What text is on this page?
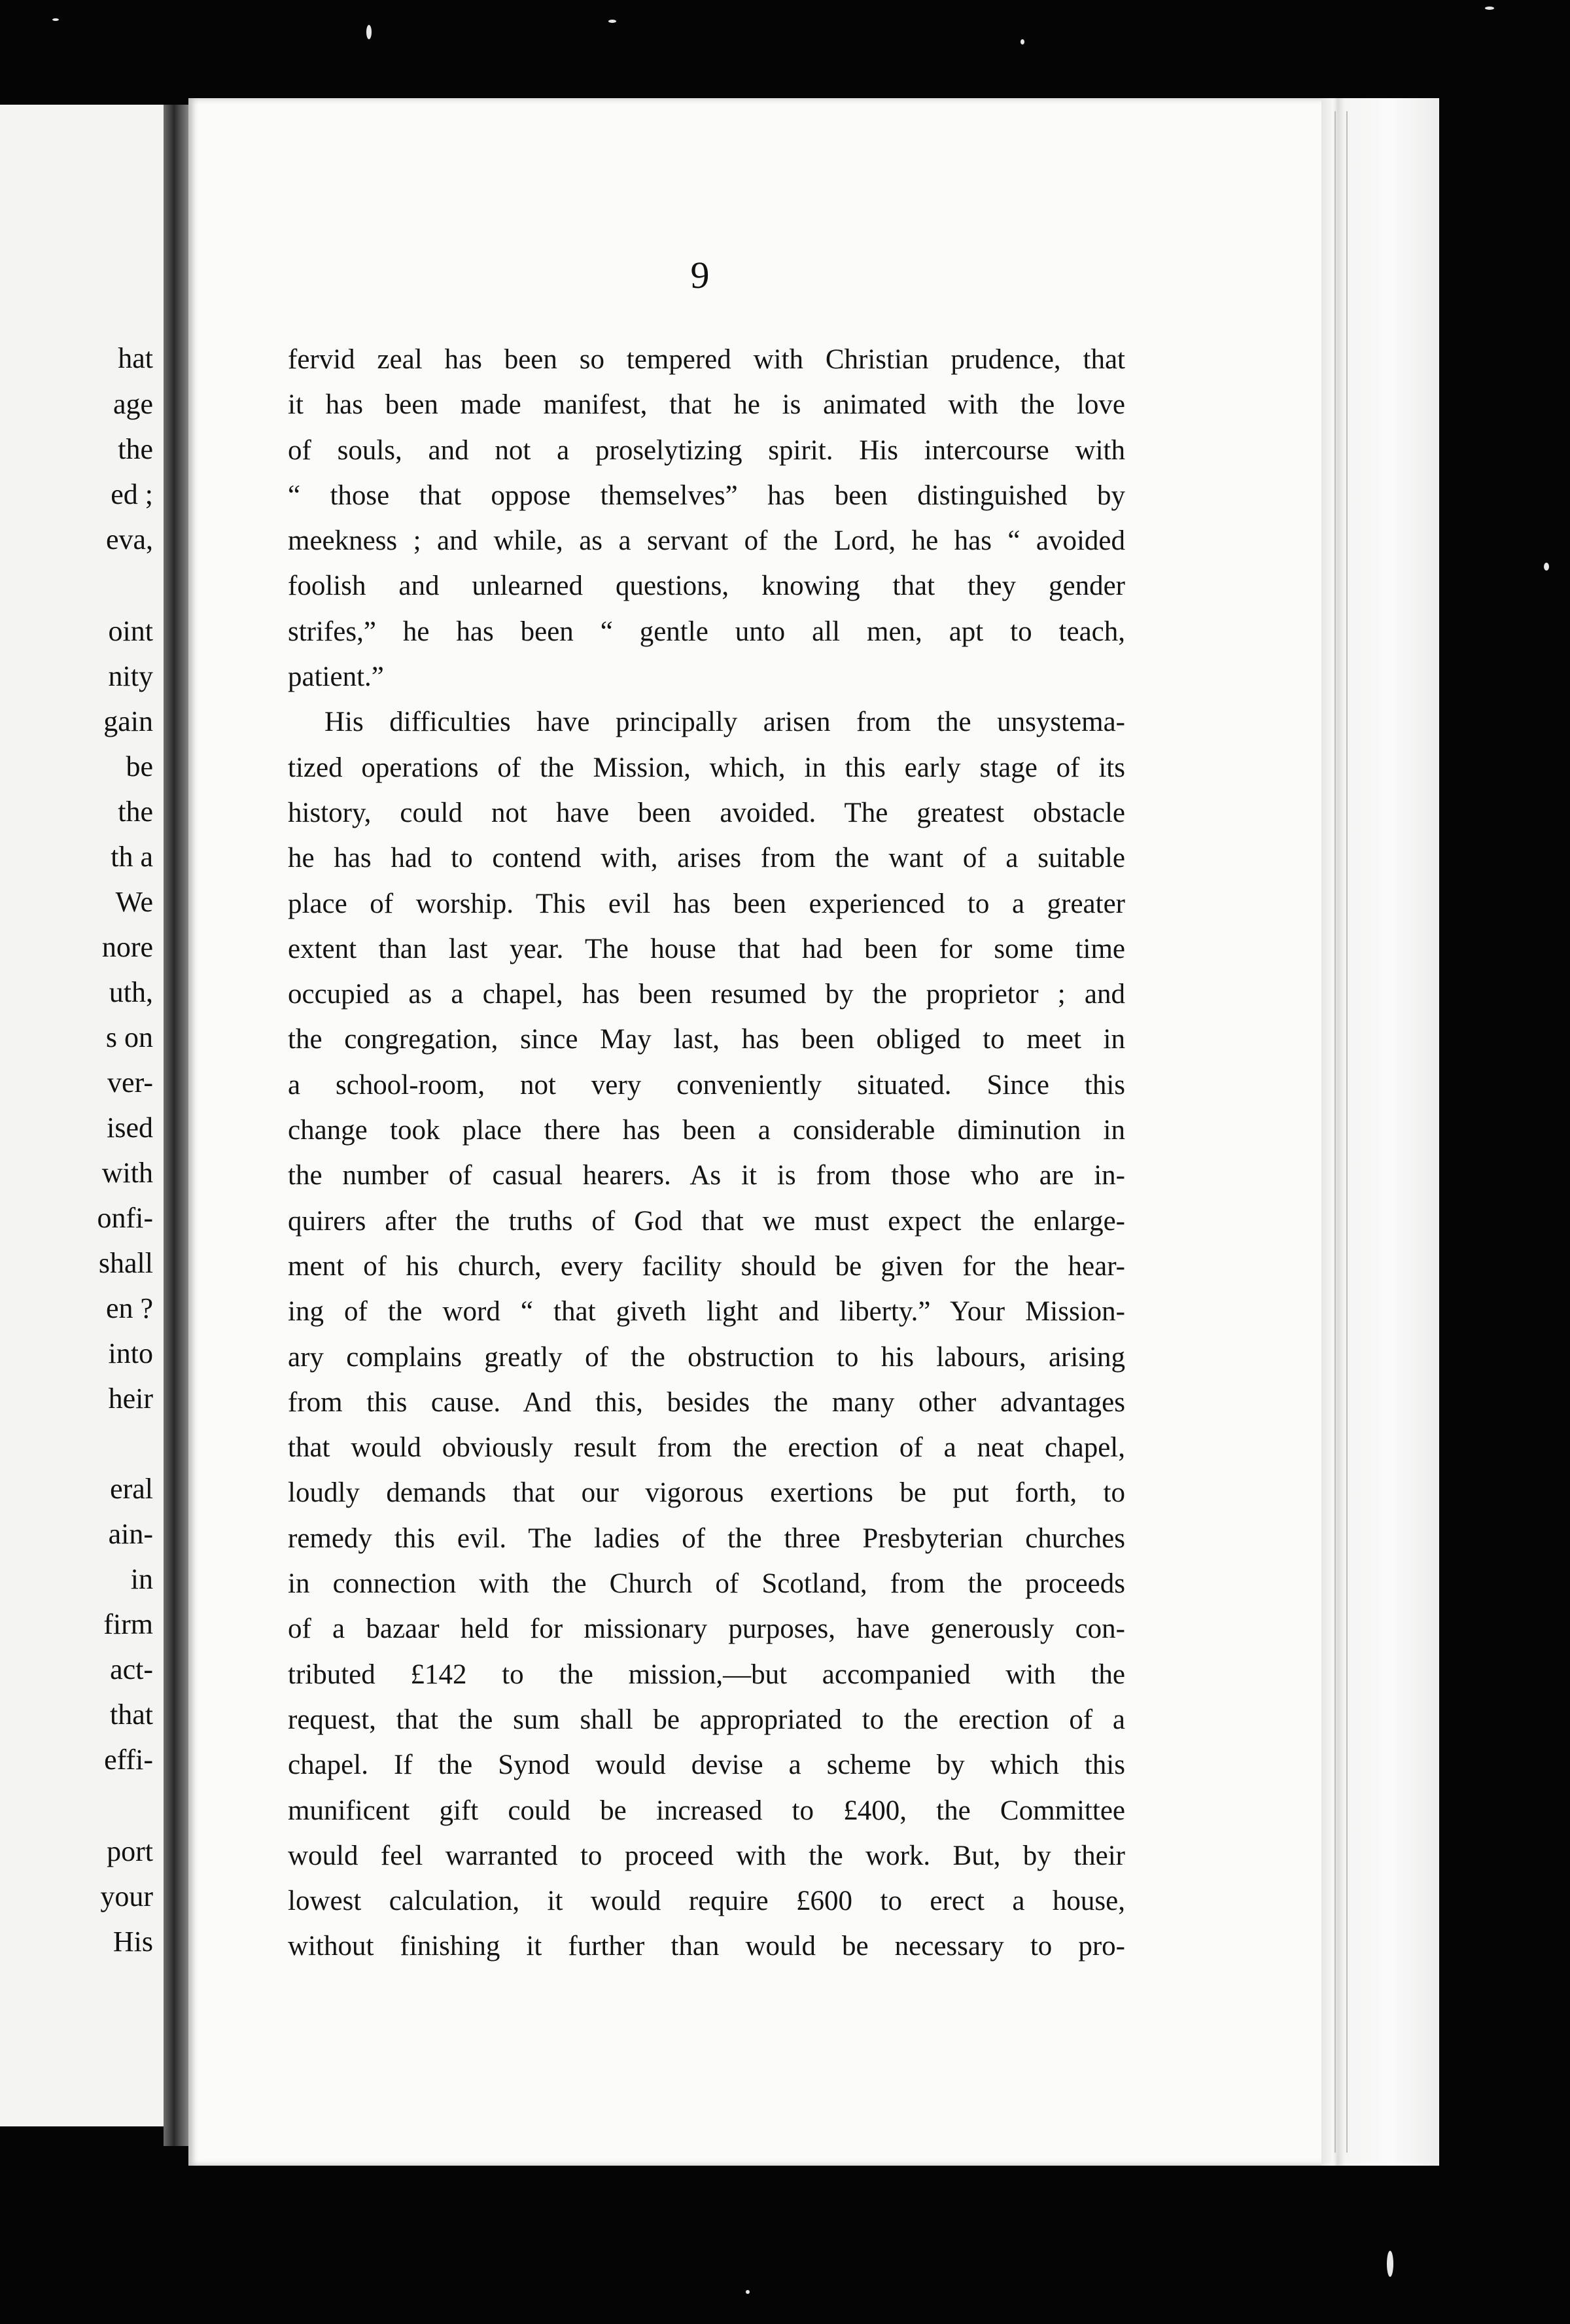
hat
age
the
ed ;
eva,
oint
nity
gain
be
the
th a
We
nore
uth,
s on
ver-
ised
with
onfi-
shall
en ?
into
heir
eral
ain-
in
firm
act-
that
effi-
port
your
His
9
fervid zeal has been so tempered with Christian prudence, that
it has been made manifest, that he is animated with the love
of souls, and not a proselytizing spirit. His intercourse with
“ those that oppose themselves” has been distinguished by
meekness ; and while, as a servant of the Lord, he has “ avoided
foolish and unlearned questions, knowing that they gender
strifes,” he has been “ gentle unto all men, apt to teach,
patient.”
His difficulties have principally arisen from the unsystema-
tized operations of the Mission, which, in this early stage of its
history, could not have been avoided. The greatest obstacle
he has had to contend with, arises from the want of a suitable
place of worship. This evil has been experienced to a greater
extent than last year. The house that had been for some time
occupied as a chapel, has been resumed by the proprietor ; and
the congregation, since May last, has been obliged to meet in
a school-room, not very conveniently situated. Since this
change took place there has been a considerable diminution in
the number of casual hearers. As it is from those who are in-
quirers after the truths of God that we must expect the enlarge-
ment of his church, every facility should be given for the hear-
ing of the word “ that giveth light and liberty.” Your Mission-
ary complains greatly of the obstruction to his labours, arising
from this cause. And this, besides the many other advantages
that would obviously result from the erection of a neat chapel,
loudly demands that our vigorous exertions be put forth, to
remedy this evil. The ladies of the three Presbyterian churches
in connection with the Church of Scotland, from the proceeds
of a bazaar held for missionary purposes, have generously con-
tributed £142 to the mission,—but accompanied with the
request, that the sum shall be appropriated to the erection of a
chapel. If the Synod would devise a scheme by which this
munificent gift could be increased to £400, the Committee
would feel warranted to proceed with the work. But, by their
lowest calculation, it would require £600 to erect a house,
without finishing it further than would be necessary to pro-
